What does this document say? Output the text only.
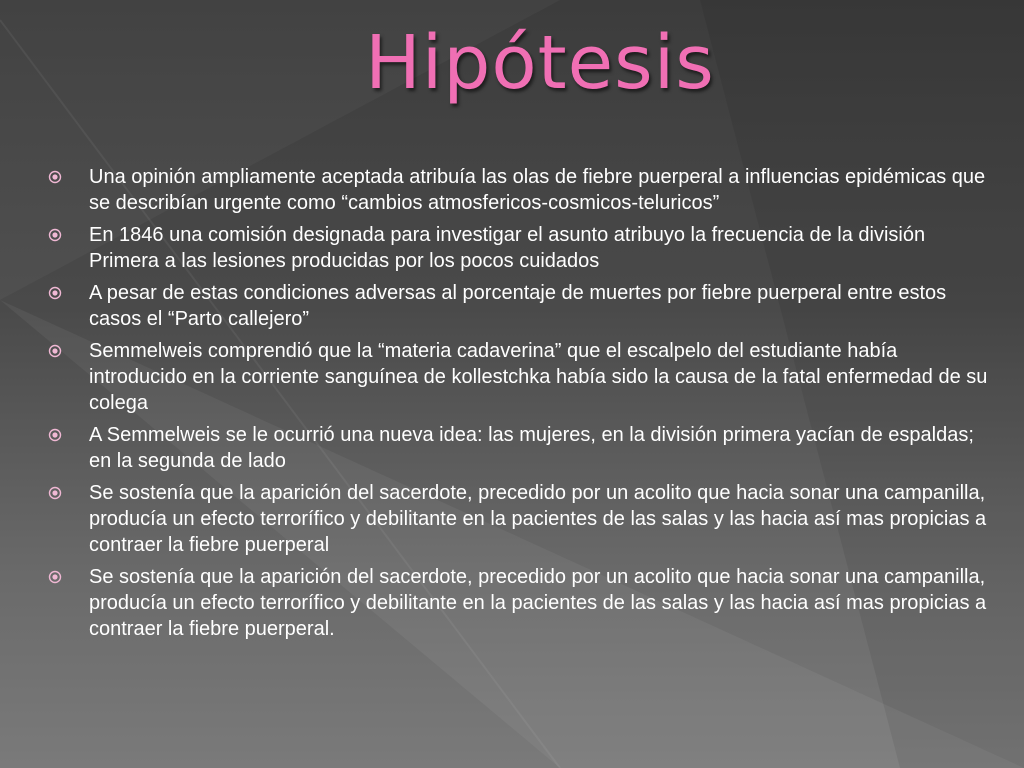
Hipótesis
Una opinión ampliamente aceptada atribuía las olas de fiebre puerperal a influencias epidémicas que se describían urgente como “cambios atmosfericos-cosmicos-teluricos”
En 1846 una comisión designada para investigar el asunto atribuyo la frecuencia de la división Primera a las lesiones producidas por los pocos cuidados
A pesar de estas condiciones adversas al porcentaje de muertes por fiebre puerperal entre estos casos el “Parto callejero”
Semmelweis comprendió que la “materia cadaverina” que el escalpelo del estudiante había introducido en la corriente sanguínea de kollestchka había sido la causa de la fatal enfermedad de su colega
A Semmelweis se le ocurrió una nueva idea: las mujeres, en la división primera yacían de espaldas; en la segunda de lado
Se sostenía que la aparición del sacerdote, precedido por un acolito que hacia sonar una campanilla, producía un efecto terrorífico y debilitante en la pacientes de las salas y las hacia así mas propicias a contraer la fiebre puerperal
Se sostenía que la aparición del sacerdote, precedido por un acolito que hacia sonar una campanilla, producía un efecto terrorífico y debilitante en la pacientes de las salas y las hacia así mas propicias a contraer la fiebre puerperal.
